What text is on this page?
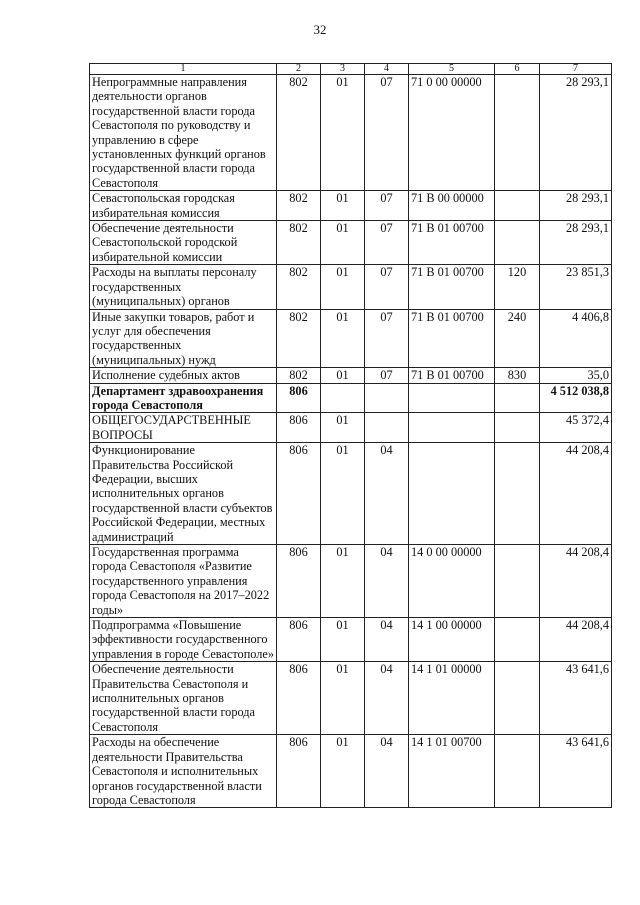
32
1	2	3	4	5	6	7
Непрограммные направления деятельности органов государственной власти города Севастополя по руководству и управлению в сфере установленных функций органов государственной власти города Севастополя	802	01	07	71 0 00 00000		28 293,1
Севастопольская городская избирательная комиссия	802	01	07	71 В 00 00000		28 293,1
Обеспечение деятельности Севастопольской городской избирательной комиссии	802	01	07	71 В 01 00700		28 293,1
Расходы на выплаты персоналу государственных (муниципальных) органов	802	01	07	71 В 01 00700	120	23 851,3
Иные закупки товаров, работ и услуг для обеспечения государственных (муниципальных) нужд	802	01	07	71 В 01 00700	240	4 406,8
Исполнение судебных актов	802	01	07	71 В 01 00700	830	35,0
Департамент здравоохранения города Севастополя	806					4 512 038,8
ОБЩЕГОСУДАРСТВЕННЫЕ ВОПРОСЫ	806	01				45 372,4
Функционирование Правительства Российской Федерации, высших исполнительных органов государственной власти субъектов Российской Федерации, местных администраций	806	01	04			44 208,4
Государственная программа города Севастополя «Развитие государственного управления города Севастополя на 2017–2022 годы»	806	01	04	14 0 00 00000		44 208,4
Подпрограмма «Повышение эффективности государственного управления в городе Севастополе»	806	01	04	14 1 00 00000		44 208,4
Обеспечение деятельности Правительства Севастополя и исполнительных органов государственной власти города Севастополя	806	01	04	14 1 01 00000		43 641,6
Расходы на обеспечение деятельности Правительства Севастополя и исполнительных органов государственной власти города Севастополя	806	01	04	14 1 01 00700		43 641,6
